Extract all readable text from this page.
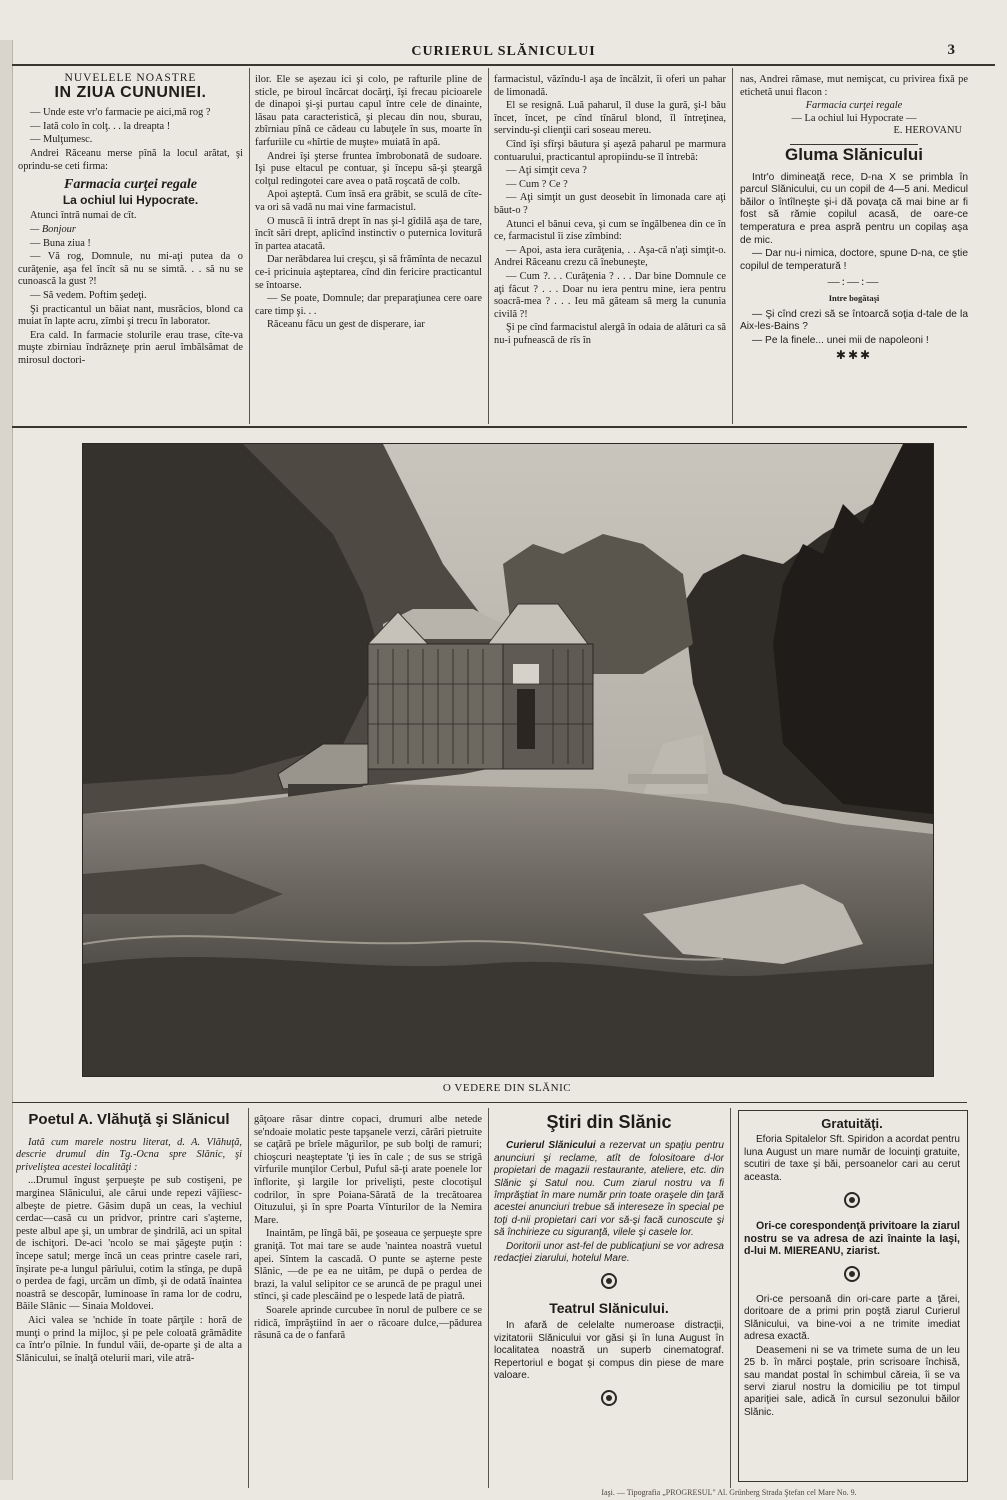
CURIERUL SLĂNICULUI	3
NUVELELE NOASTRE
IN ZIUA CUNUNIEI.

— Unde este vr'o farmacie pe aici,mă rog ?

— Iată colo în colţ. . . la dreapta !

— Mulţumesc.

Andrei Răceanu merse pînă la locul arătat, şi oprindu-se ceti firma:

Farmacia curţei regale
La ochiul lui Hypocrate.

Atunci întră numai de cît.

— Bonjour

— Buna ziua !

— Vă rog, Domnule, nu mi-aţi putea da o curăţenie, aşa fel încît să nu se simtă. . . să nu se cunoască la gust ?!

— Să vedem. Poftim şedeţi.

Şi practicantul un băiat nant, musrăcios, blond ca muiat în lapte acru, zîmbi şi trecu în laborator.

Era cald. In farmacie stolurile erau trase, cîte-va muşte zbirniau îndrăzneţe prin aerul îmbălsămat de mirosul doctori-

ilor. Ele se aşezau ici şi colo, pe rafturile pline de sticle, pe biroul încărcat docărţi, îşi frecau picioarele de dinapoi şi-şi purtau capul între cele de dinainte, lăsau pata caracteristică, şi plecau din nou, sburau, zbîrniau pînă ce cădeau cu labuţele în sus, moarte în farfuriile cu «hîrtie de muşte» muiată în apă.

Andrei îşi şterse fruntea îmbrobonată de sudoare. Işi puse eltacul pe contuar, şi începu să-şi şteargă colţul redingotei care avea o pată roşcată de colb.

Apoi aşteptă. Cum însă era grăbit, se sculă de cîte-va ori să vadă nu mai vine farmacistul.

O muscă îi intră drept în nas şi-l gîdilă aşa de tare, încît sări drept, aplicînd instinctiv o puternica lovitură în partea atacată.

Dar nerăbdarea lui creşcu, şi să frămînta de necazul ce-i pricinuia aşteptarea, cînd din fericire practicantul se întoarse.

— Se poate, Domnule; dar preparaţiunea cere oare care timp şi. . .

Răceanu făcu un gest de disperare, iar

farmacistul, văzîndu-l aşa de încălzit, îi oferi un pahar de limonadă.

El se resignă. Luă paharul, îl duse la gură, şi-l bău încet, încet, pe cînd tînărul blond, îl întreţinea, servindu-şi clienţii cari soseau mereu.

Cînd îşi sfîrşi băutura şi aşeză paharul pe marmura contuarului, practicantul apropiindu-se îl întrebă:

— Aţi simţit ceva ?

— Cum ? Ce ?

— Aţi simţit un gust deosebit în limonada care aţi băut-o ?

Atunci el bănui ceva, şi cum se îngălbenea din ce în ce, farmacistul îi zise zîmbind:

— Apoi, asta iera curăţenia, . . Aşa-că n'aţi simţit-o. Andrei Răceanu crezu că înebuneşte,

— Cum ?. . . Curăţenia ? . . . Dar bine Domnule ce aţi făcut ? . . . Doar nu iera pentru mine, iera pentru soacră-mea ? . . . Ieu mă găteam să merg la cununia civilă ?!

Şi pe cînd farmacistul alergă în odaia de alături ca să nu-i pufnească de rîs în

nas, Andrei rămase, mut nemişcat, cu privirea fixă pe etichetă unui flacon :

Farmacia curţei regale
— La ochiul lui Hypocrate —
E. HEROVANU
Gluma Slănicului

Intr'o dimineaţă rece, D-na X se primbla în parcul Slănicului, cu un copil de 4—5 ani. Medicul băilor o întîlneşte şi-i dă povaţa că mai bine ar fi fost să rămie copilul acasă, de oare-ce temperatura e prea aspră pentru un copilaş aşa de mic.

— Dar nu-i nimica, doctore, spune D-na, ce ştie copilul de temperatură !

—:—:—
Intre bogătaşi

— Şi cînd crezi să se întoarcă soţia d-tale de la Aix-les-Bains ?

— Pe la finele... unei mii de napoleoni !

✱✱✱
O VEDERE DIN SLĂNIC
Poetul A. Vlăhuţă şi Slănicul

Iată cum marele nostru literat, d. A. Vlăhuţă, descrie drumul din Tg.-Ocna spre Slănic, şi priveliştea acestei localităţi :

...Drumul îngust şerpueşte pe sub costişeni, pe marginea Slănicului, ale cărui unde repezi vâjîiesc-albeşte de pietre. Găsim după un ceas, la vechiul cerdac—casă cu un pridvor, printre cari s'aşterne, peste albul ape şi, un umbrar de şindrilă, aci un spital de ischiţori. De-aci 'ncolo se mai şăgeşte puţin : începe satul; merge încă un ceas printre casele rari, înşirate pe-a lungul pârîului, cotim la stînga, pe după o perdea de fagi, urcăm un dîmb, şi de odată înaintea noastră se descopăr, luminoase în rama lor de codru, Băile Slănic — Sinaia Moldovei.

Aici valea se 'nchide în toate părţile : horă de munţi o prind la mijloc, şi pe pele coloată grămădite ca într'o pîlnie. In fundul văii, de-oparte şi de alta a Slănicului, se înalţă otelurii mari, vile atră-

găţoare răsar dintre copaci, drumuri albe netede se'ndoaie molatic peste tapşanele verzi, cărări pietruite se caţără pe brîele măgurilor, pe sub bolţi de ramuri; chioşcuri neaşteptate 'ţi ies în cale ; de sus se strigă vîrfurile munţilor Cerbul, Puful să-ţi arate poenele lor înflorite, şi largile lor privelişti, peste clocotişul codrilor, în spre Poiana-Sărată de la trecătoarea Oituzului, şi în spre Poarta Vînturilor de la Nemira Mare.

Inaintăm, pe lîngă băi, pe şoseaua ce şerpueşte spre graniţă. Tot mai tare se aude 'naintea noastră vuetul apei. Sîntem la cascadă. O punte se aşterne peste Slănic, —de pe ea ne uităm, pe după o perdea de brazi, la valul selipitor ce se aruncă de pe pragul unei stînci, şi cade plescăind pe o lespede lată de piatră.

Soarele aprinde curcubee în norul de pulbere ce se ridică, împrăştiind în aer o răcoare dulce,—pădurea răsună ca de o fanfară

Ştiri din Slănic

Curierul Slănicului a rezervat un spaţiu pentru anunciuri şi reclame, atît de folositoare d-lor propietari de magazii restaurante, ateliere, etc. din Slănic şi Satul nou. Cum ziarul nostru va fi împrăştiat în mare număr prin toate oraşele din ţară acestei anunciuri trebue să intereseze în special pe toţi d-nii propietari cari vor să-şi facă cunoscute şi să închirieze cu siguranţă, vilele şi casele lor.

Doritorii unor ast-fel de publicaţiuni se vor adresa redacţiei ziarului, hotelul Mare.

Teatrul Slănicului.

In afară de celelalte numeroase distracţii, vizitatorii Slănicului vor găsi şi în luna August în localitatea noastră un superb cinematograf. Repertoriul e bogat şi compus din piese de mare valoare.

Gratuităţi.

Eforia Spitalelor Sft. Spiridon a acordat pentru luna August un mare număr de locuinţi gratuite, scutiri de taxe şi băi, persoanelor cari au cerut aceasta.

Ori-ce corespondenţă privitoare la ziarul nostru se va adresa de azi înainte la Iaşi, d-lui M. MIEREANU, ziarist.

Ori-ce persoană din ori-care parte a ţărei, doritoare de a primi prin poştă ziarul Curierul Slănicului, va bine-voi a ne trimite imediat adresa exactă.

Deasemeni ni se va trimete suma de un leu 25 b. în mărci poştale, prin scrisoare închisă, sau mandat postal în schimbul căreia, îi se va servi ziarul nostru la domiciliu pe tot timpul apariţiei sale, adică în cursul sezonului băilor Slănic.

Iaşi. — Tipografia „PROGRESUL" Al. Grünberg Strada Ştefan cel Mare No. 9.
